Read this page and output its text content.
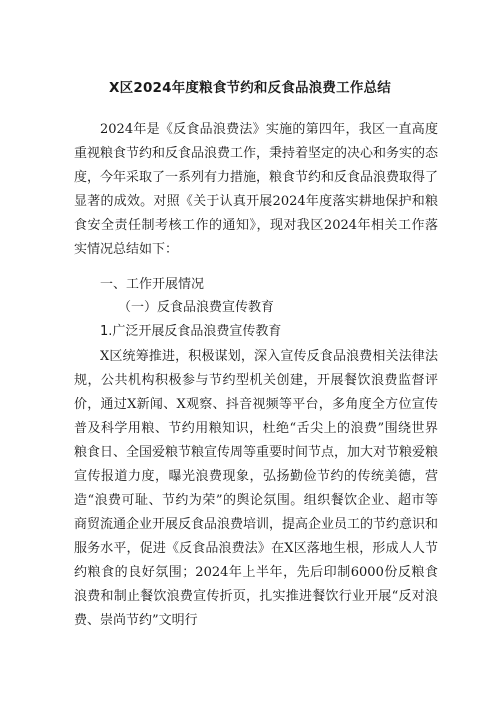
X区2024年度粮食节约和反食品浪费工作总结
2024年是《反食品浪费法》实施的第四年，我区一直高度重视粮食节约和反食品浪费工作，秉持着坚定的决心和务实的态度，今年采取了一系列有力措施，粮食节约和反食品浪费取得了显著的成效。对照《关于认真开展2024年度落实耕地保护和粮食安全责任制考核工作的通知》，现对我区2024年相关工作落实情况总结如下：
一、工作开展情况
（一）反食品浪费宣传教育
1.广泛开展反食品浪费宣传教育
X区统筹推进，积极谋划，深入宣传反食品浪费相关法律法规，公共机构积极参与节约型机关创建，开展餐饮浪费监督评价，通过X新闻、X观察、抖音视频等平台，多角度全方位宣传普及科学用粮、节约用粮知识，杜绝“舌尖上的浪费”围绕世界粮食日、全国爱粮节粮宣传周等重要时间节点，加大对节粮爱粮宣传报道力度，曝光浪费现象，弘扬勤俭节约的传统美德，营造“浪费可耻、节约为荣”的舆论氛围。组织餐饮企业、超市等商贸流通企业开展反食品浪费培训，提高企业员工的节约意识和服务水平，促进《反食品浪费法》在X区落地生根，形成人人节约粮食的良好氛围；2024年上半年，先后印制6000份反粮食浪费和制止餐饮浪费宣传折页，扎实推进餐饮行业开展“反对浪费、崇尚节约”文明行
